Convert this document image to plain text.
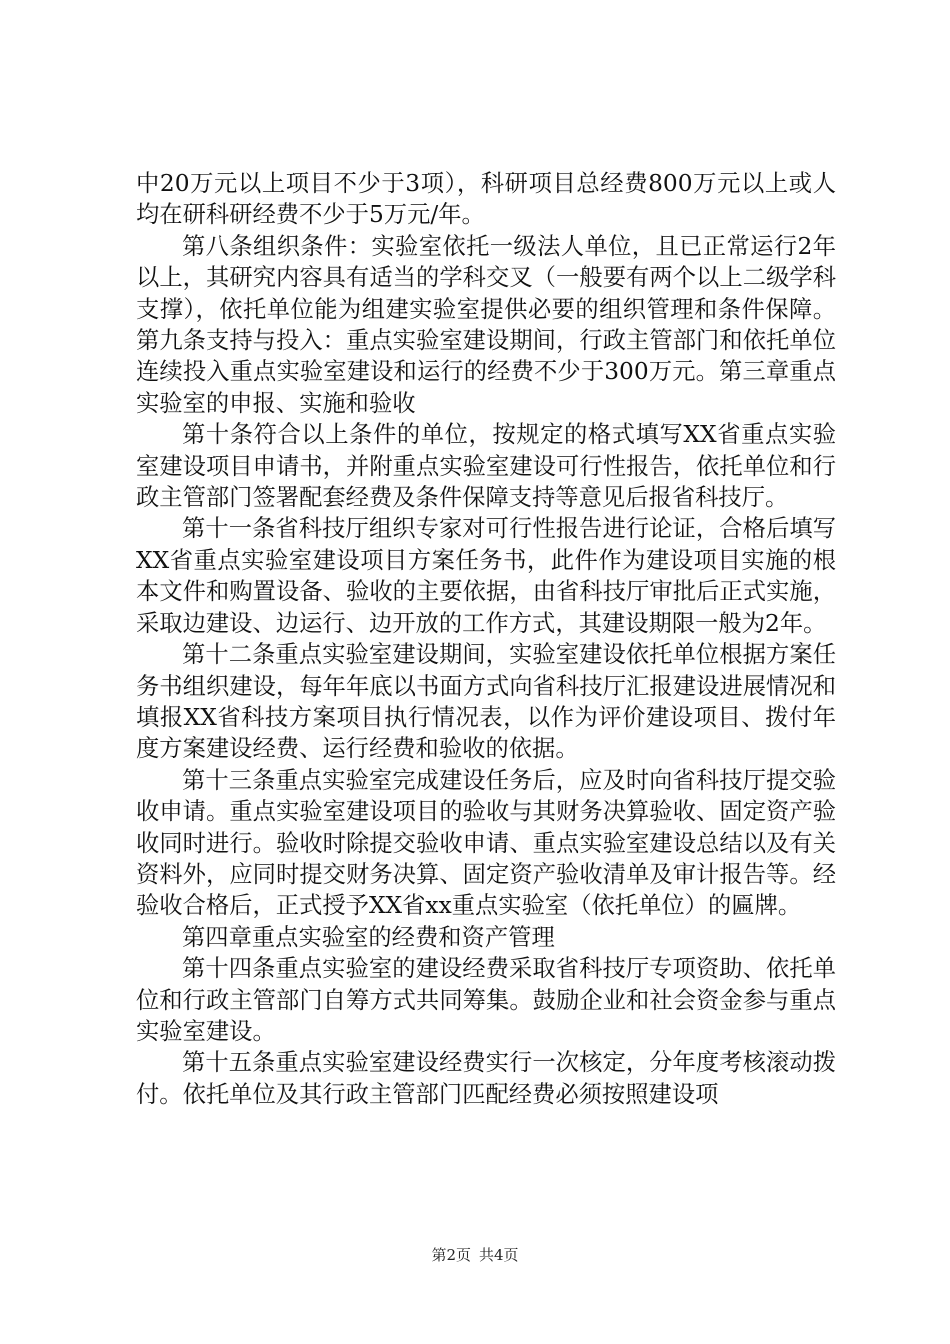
中20万元以上项目不少于3项），科研项目总经费800万元以上或人均在研科研经费不少于5万元/年。

第八条组织条件：实验室依托一级法人单位，且已正常运行2年以上，其研究内容具有适当的学科交叉（一般要有两个以上二级学科支撑），依托单位能为组建实验室提供必要的组织管理和条件保障。第九条支持与投入：重点实验室建设期间，行政主管部门和依托单位连续投入重点实验室建设和运行的经费不少于300万元。第三章重点实验室的申报、实施和验收

第十条符合以上条件的单位，按规定的格式填写XX省重点实验室建设项目申请书，并附重点实验室建设可行性报告，依托单位和行政主管部门签署配套经费及条件保障支持等意见后报省科技厅。

第十一条省科技厅组织专家对可行性报告进行论证，合格后填写XX省重点实验室建设项目方案任务书，此件作为建设项目实施的根本文件和购置设备、验收的主要依据，由省科技厅审批后正式实施，采取边建设、边运行、边开放的工作方式，其建设期限一般为2年。

第十二条重点实验室建设期间，实验室建设依托单位根据方案任务书组织建设，每年年底以书面方式向省科技厅汇报建设进展情况和填报XX省科技方案项目执行情况表，以作为评价建设项目、拨付年度方案建设经费、运行经费和验收的依据。

第十三条重点实验室完成建设任务后，应及时向省科技厅提交验收申请。重点实验室建设项目的验收与其财务决算验收、固定资产验收同时进行。验收时除提交验收申请、重点实验室建设总结以及有关资料外，应同时提交财务决算、固定资产验收清单及审计报告等。经验收合格后，正式授予XX省xx重点实验室（依托单位）的匾牌。

第四章重点实验室的经费和资产管理

第十四条重点实验室的建设经费采取省科技厅专项资助、依托单位和行政主管部门自筹方式共同筹集。鼓励企业和社会资金参与重点实验室建设。

第十五条重点实验室建设经费实行一次核定，分年度考核滚动拨付。依托单位及其行政主管部门匹配经费必须按照建设项

第2页 共4页
